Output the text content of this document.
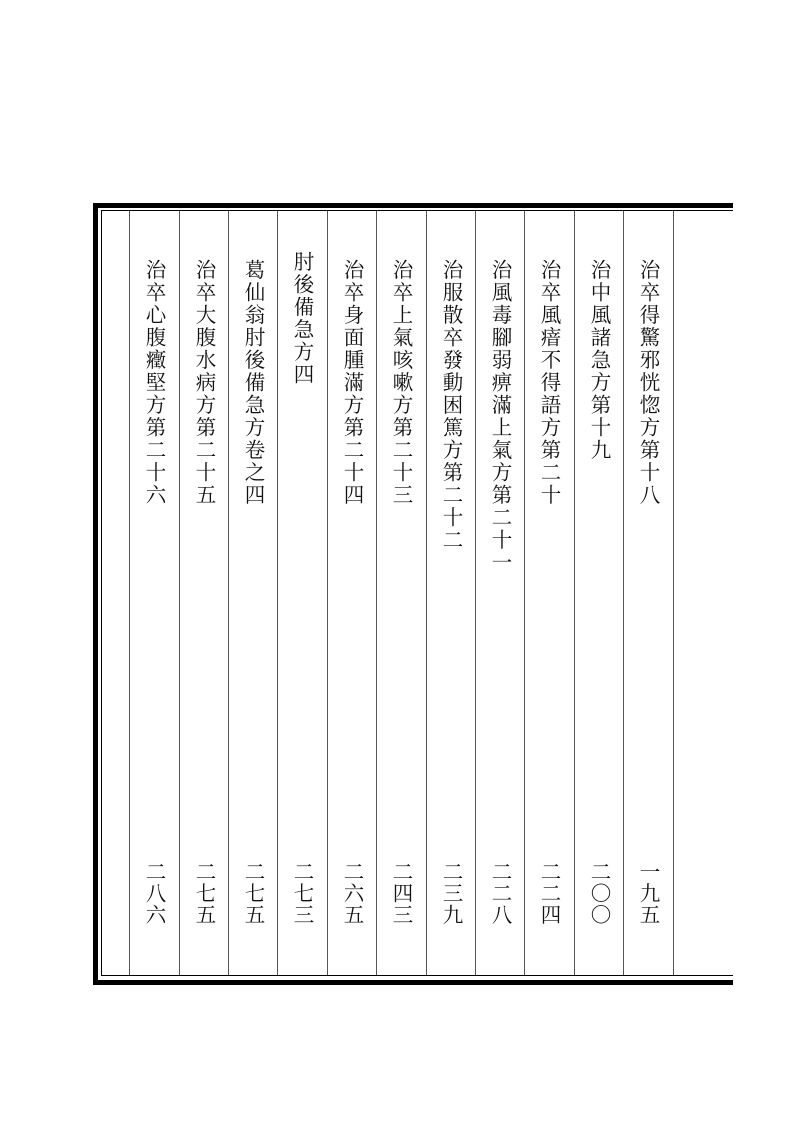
治卒得驚邪恍惚方第十八
一九五
治中風諸急方第十九
二〇〇
治卒風瘖不得語方第二十
二二四
治風毒腳弱痹滿上氣方第二十一
二二八
治服散卒發動困篤方第二十二
二三九
治卒上氣咳嗽方第二十三
二四三
治卒身面腫滿方第二十四
二六五
肘後備急方四
二七三
葛仙翁肘後備急方卷之四
二七五
治卒大腹水病方第二十五
二七五
治卒心腹癥堅方第二十六
二八六
